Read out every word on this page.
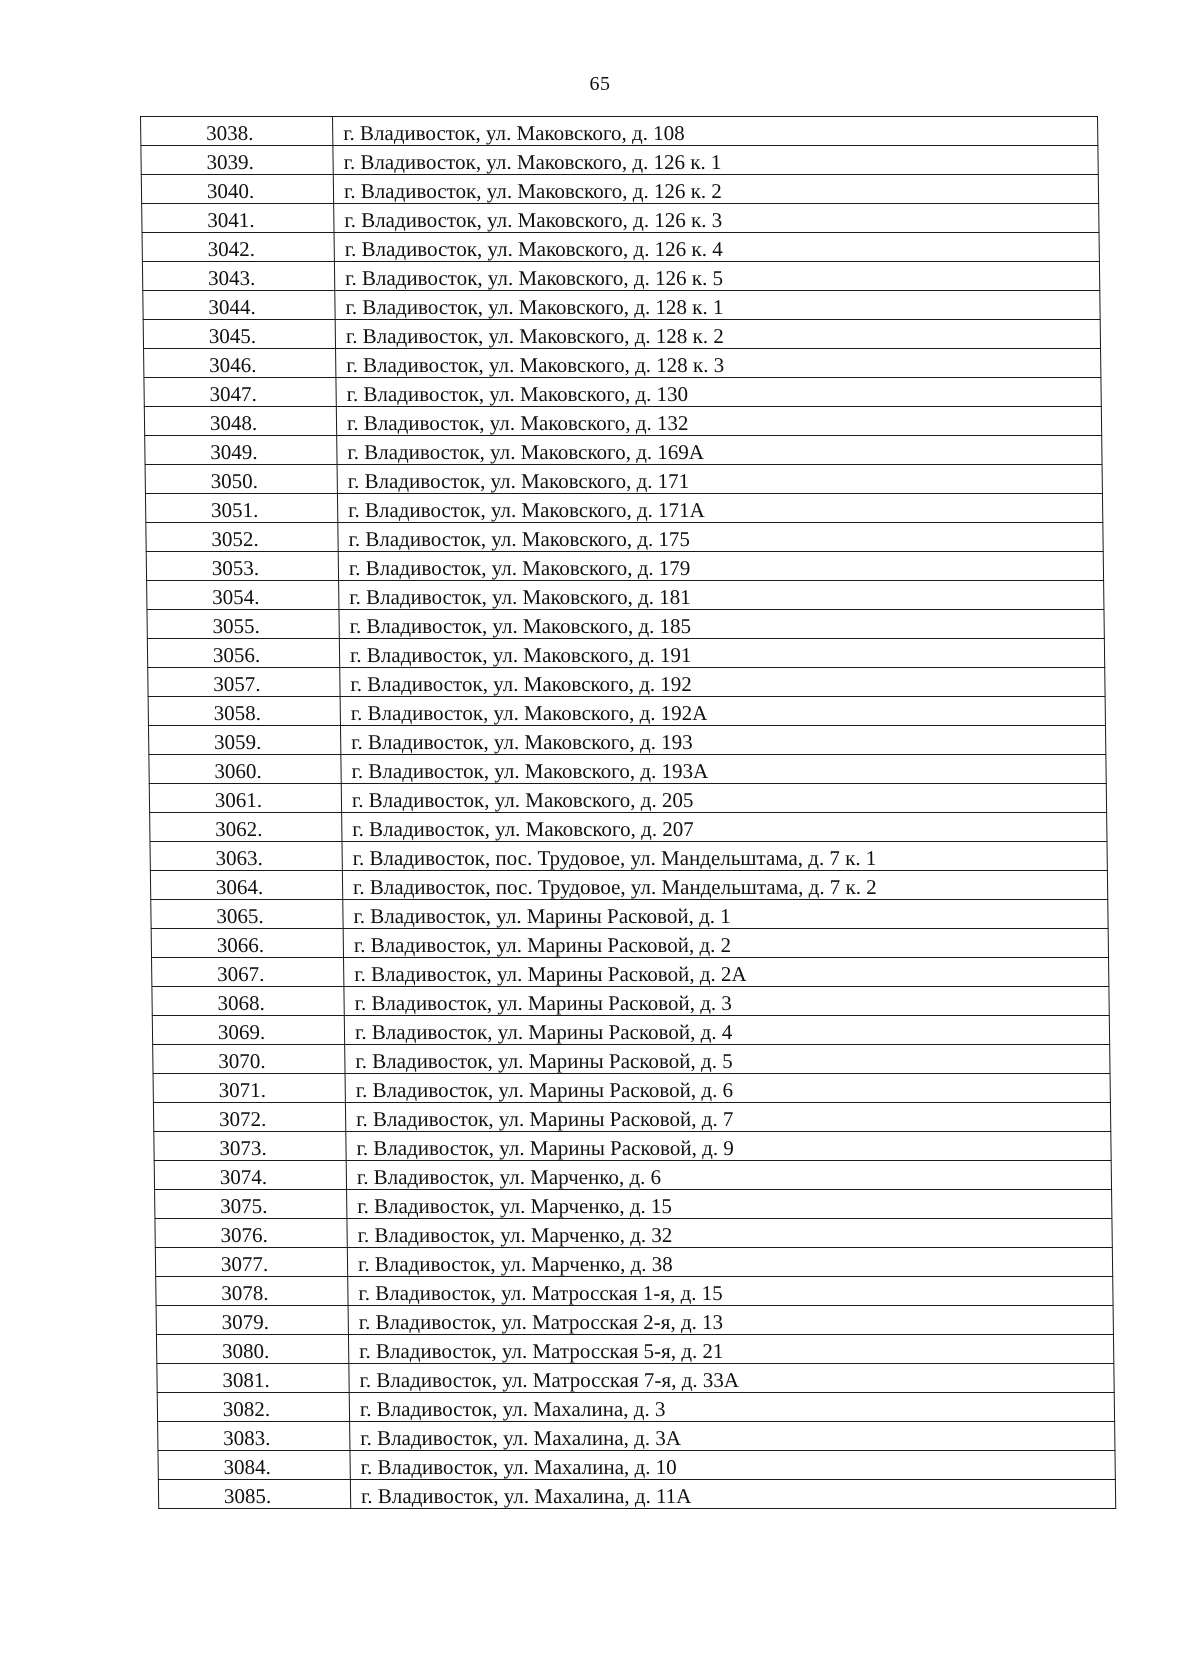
65
3038.	г. Владивосток, ул. Маковского, д. 108
3039.	г. Владивосток, ул. Маковского, д. 126 к. 1
3040.	г. Владивосток, ул. Маковского, д. 126 к. 2
3041.	г. Владивосток, ул. Маковского, д. 126 к. 3
3042.	г. Владивосток, ул. Маковского, д. 126 к. 4
3043.	г. Владивосток, ул. Маковского, д. 126 к. 5
3044.	г. Владивосток, ул. Маковского, д. 128 к. 1
3045.	г. Владивосток, ул. Маковского, д. 128 к. 2
3046.	г. Владивосток, ул. Маковского, д. 128 к. 3
3047.	г. Владивосток, ул. Маковского, д. 130
3048.	г. Владивосток, ул. Маковского, д. 132
3049.	г. Владивосток, ул. Маковского, д. 169А
3050.	г. Владивосток, ул. Маковского, д. 171
3051.	г. Владивосток, ул. Маковского, д. 171А
3052.	г. Владивосток, ул. Маковского, д. 175
3053.	г. Владивосток, ул. Маковского, д. 179
3054.	г. Владивосток, ул. Маковского, д. 181
3055.	г. Владивосток, ул. Маковского, д. 185
3056.	г. Владивосток, ул. Маковского, д. 191
3057.	г. Владивосток, ул. Маковского, д. 192
3058.	г. Владивосток, ул. Маковского, д. 192А
3059.	г. Владивосток, ул. Маковского, д. 193
3060.	г. Владивосток, ул. Маковского, д. 193А
3061.	г. Владивосток, ул. Маковского, д. 205
3062.	г. Владивосток, ул. Маковского, д. 207
3063.	г. Владивосток, пос. Трудовое, ул. Мандельштама, д. 7 к. 1
3064.	г. Владивосток, пос. Трудовое, ул. Мандельштама, д. 7 к. 2
3065.	г. Владивосток, ул. Марины Расковой, д. 1
3066.	г. Владивосток, ул. Марины Расковой, д. 2
3067.	г. Владивосток, ул. Марины Расковой, д. 2А
3068.	г. Владивосток, ул. Марины Расковой, д. 3
3069.	г. Владивосток, ул. Марины Расковой, д. 4
3070.	г. Владивосток, ул. Марины Расковой, д. 5
3071.	г. Владивосток, ул. Марины Расковой, д. 6
3072.	г. Владивосток, ул. Марины Расковой, д. 7
3073.	г. Владивосток, ул. Марины Расковой, д. 9
3074.	г. Владивосток, ул. Марченко, д. 6
3075.	г. Владивосток, ул. Марченко, д. 15
3076.	г. Владивосток, ул. Марченко, д. 32
3077.	г. Владивосток, ул. Марченко, д. 38
3078.	г. Владивосток, ул. Матросская 1-я, д. 15
3079.	г. Владивосток, ул. Матросская 2-я, д. 13
3080.	г. Владивосток, ул. Матросская 5-я, д. 21
3081.	г. Владивосток, ул. Матросская 7-я, д. 33А
3082.	г. Владивосток, ул. Махалина, д. 3
3083.	г. Владивосток, ул. Махалина, д. 3А
3084.	г. Владивосток, ул. Махалина, д. 10
3085.	г. Владивосток, ул. Махалина, д. 11А
